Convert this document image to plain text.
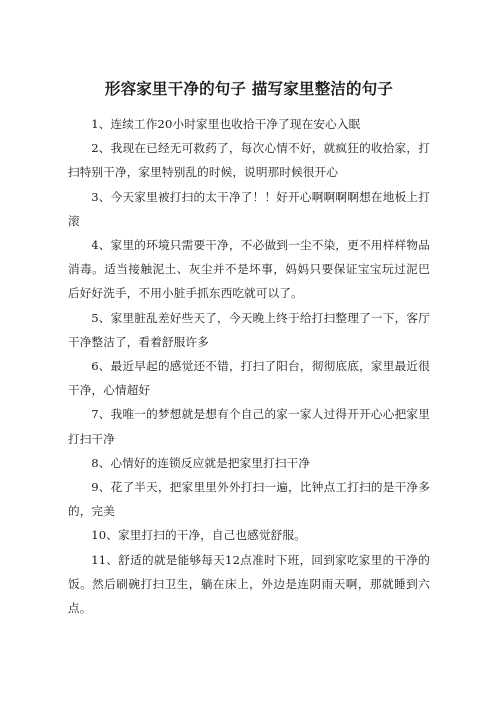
形容家里干净的句子 描写家里整洁的句子

1、连续工作20小时家里也收拾干净了现在安心入眠

2、我现在已经无可救药了，每次心情不好，就疯狂的收拾家，打扫特别干净，家里特别乱的时候，说明那时候很开心

3、今天家里被打扫的太干净了！！好开心啊啊啊啊想在地板上打滚

4、家里的环境只需要干净，不必做到一尘不染，更不用样样物品消毒。适当接触泥土、灰尘并不是坏事，妈妈只要保证宝宝玩过泥巴后好好洗手，不用小脏手抓东西吃就可以了。

5、家里脏乱差好些天了，今天晚上终于给打扫整理了一下，客厅干净整洁了，看着舒服许多

6、最近早起的感觉还不错，打扫了阳台，彻彻底底，家里最近很干净，心情超好

7、我唯一的梦想就是想有个自己的家一家人过得开开心心把家里打扫干净

8、心情好的连锁反应就是把家里打扫干净

9、花了半天，把家里里外外打扫一遍，比钟点工打扫的是干净多的，完美

10、家里打扫的干净，自己也感觉舒服。

11、舒适的就是能够每天12点准时下班，回到家吃家里的干净的饭。然后刷碗打扫卫生，躺在床上，外边是连阴雨天啊，那就睡到六点。
